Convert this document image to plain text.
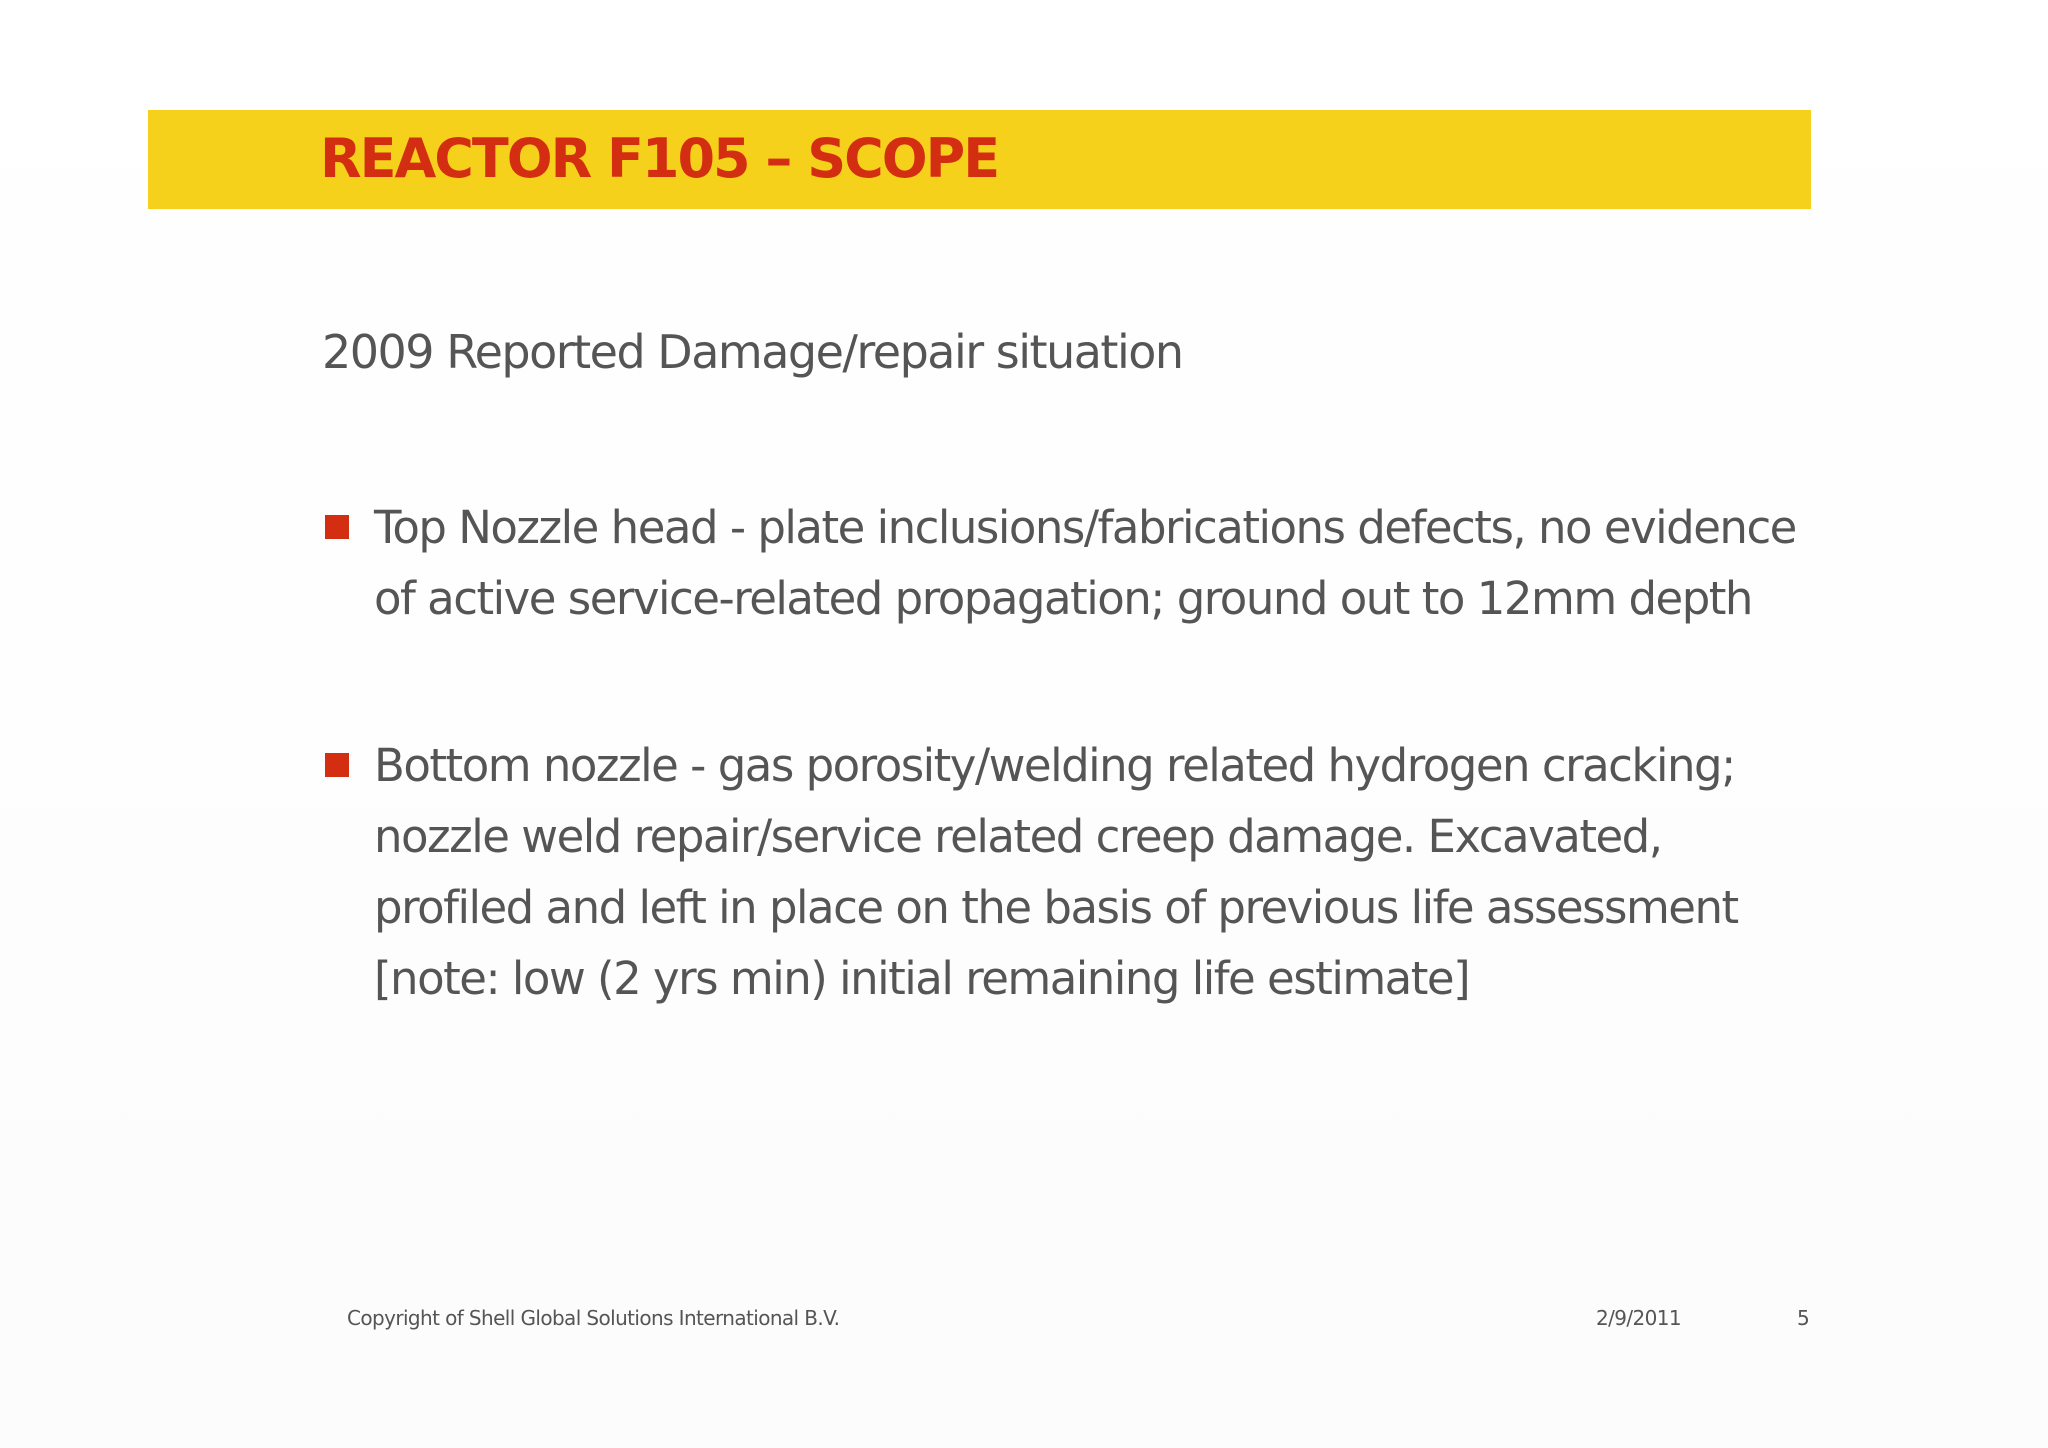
REACTOR F105 – SCOPE

2009 Reported Damage/repair situation

Top Nozzle head - plate inclusions/fabrications defects, no evidence
of active service-related propagation; ground out to 12mm depth
Bottom nozzle - gas porosity/welding related hydrogen cracking;
nozzle weld repair/service related creep damage. Excavated,
profiled and left in place on the basis of previous life assessment
[note: low (2 yrs min) initial remaining life estimate]
Copyright of Shell Global Solutions International B.V.	2/9/2011	5
